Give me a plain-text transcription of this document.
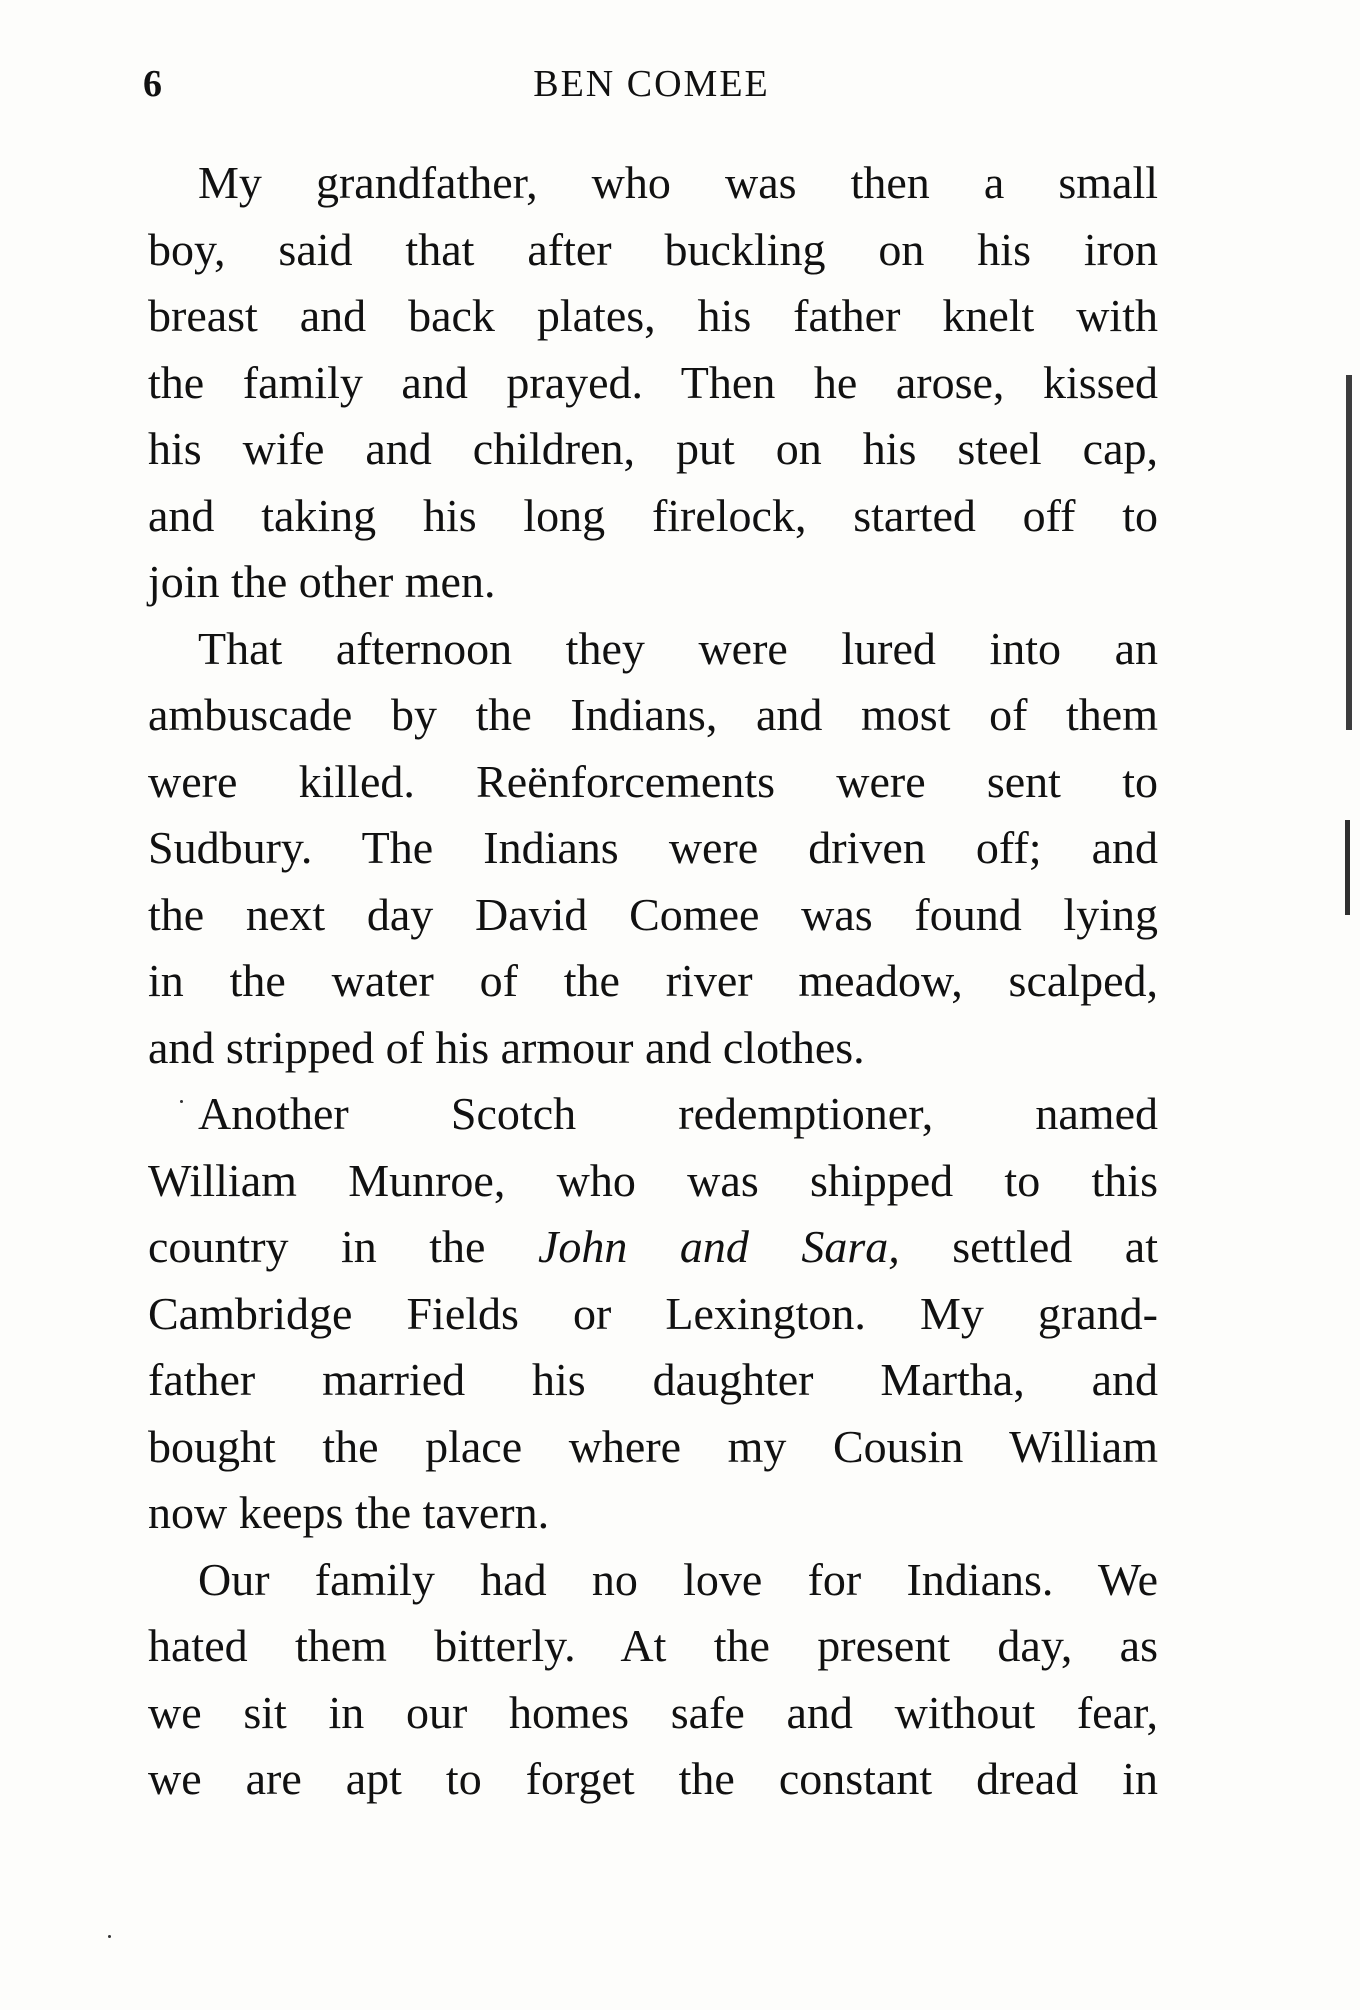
6	BEN COMEE
My grandfather, who was then a small
boy, said that after buckling on his iron
breast and back plates, his father knelt with
the family and prayed. Then he arose, kissed
his wife and children, put on his steel cap,
and taking his long firelock, started off to
join the other men.
That afternoon they were lured into an
ambuscade by the Indians, and most of them
were killed. Reënforcements were sent to
Sudbury. The Indians were driven off; and
the next day David Comee was found lying
in the water of the river meadow, scalped,
and stripped of his armour and clothes.
Another Scotch redemptioner, named
William Munroe, who was shipped to this
country in the John and Sara, settled at
Cambridge Fields or Lexington. My grand-
father married his daughter Martha, and
bought the place where my Cousin William
now keeps the tavern.
Our family had no love for Indians. We
hated them bitterly. At the present day, as
we sit in our homes safe and without fear,
we are apt to forget the constant dread in
